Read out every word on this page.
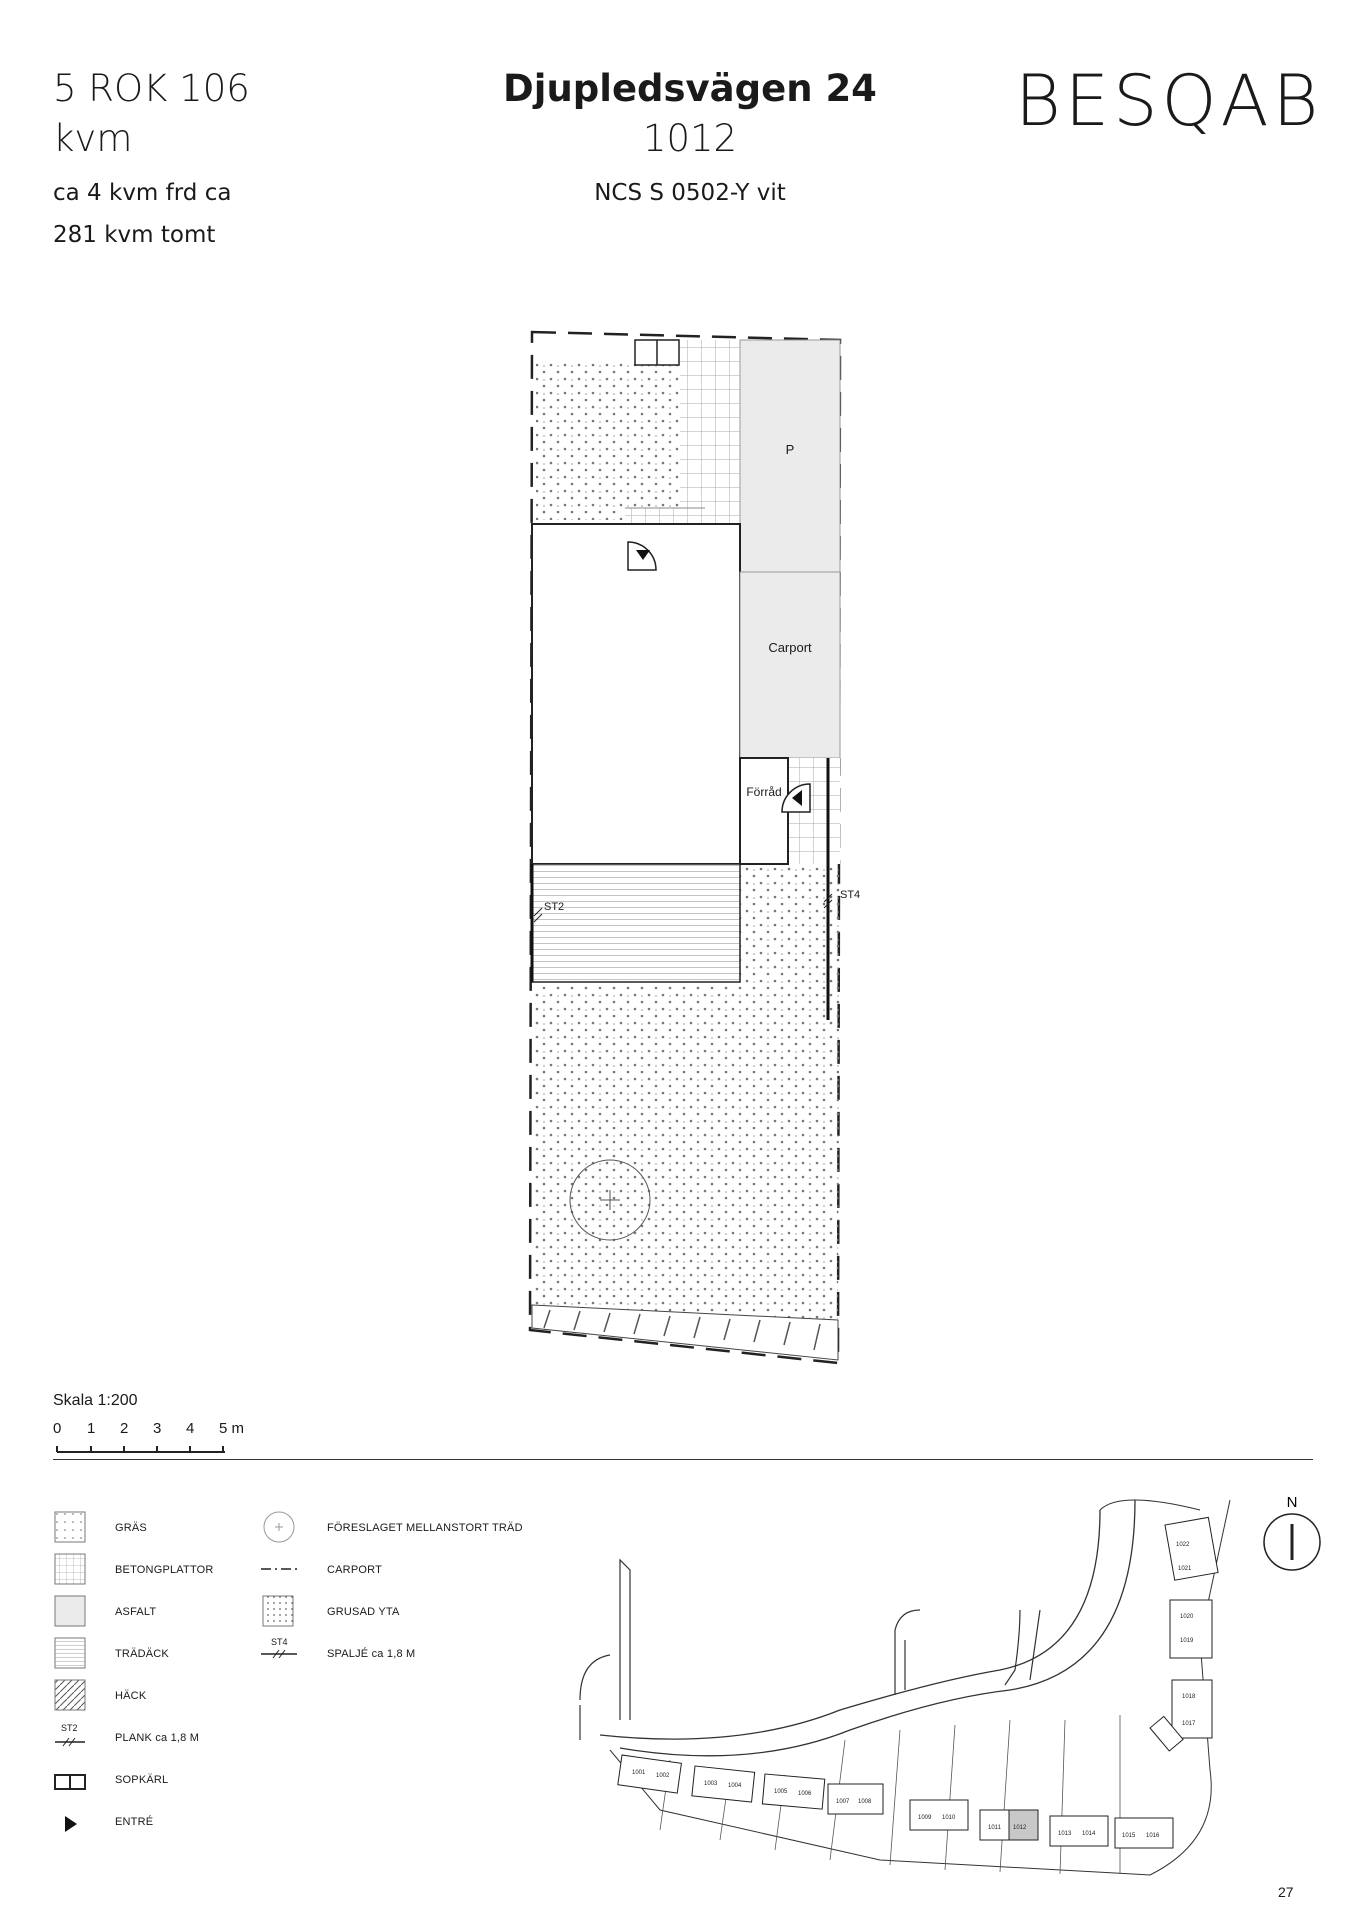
5 ROK 106
kvm
ca 4 kvm frd ca
281 kvm tomt
Djupledsvägen 24
1012
NCS S 0502-Y vit
BESQAB
P
Carport
Förråd
ST2
ST4
Skala 1:200
0 1 2 3 4 5 m
GRÄS
BETONGPLATTOR
ASFALT
TRÄDÄCK
HÄCK
ST2
PLANK ca 1,8 M
SOPKÄRL
ENTRÉ
FÖRESLAGET MELLANSTORT TRÄD
CARPORT
GRUSAD YTA
ST4
SPALJÉ ca 1,8 M
1001 1002
1003 1004
1005 1006
1007 1008
1009 1010
1011 1012
1013 1014	1015 1016
1017
1018
1019
1020
1021
1022
N
27
